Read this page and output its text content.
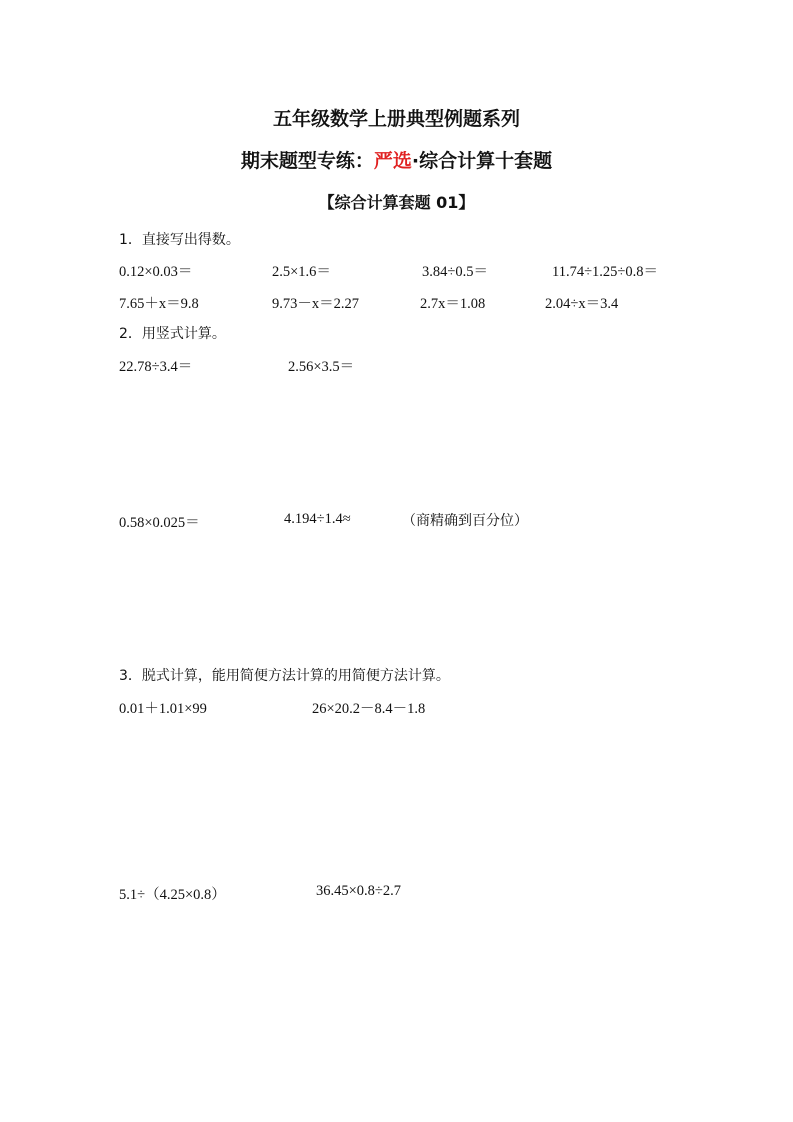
五年级数学上册典型例题系列
期末题型专练：严选·综合计算十套题
【综合计算套题 01】
1．直接写出得数。
0.12×0.03＝	2.5×1.6＝	3.84÷0.5＝	11.74÷1.25÷0.8＝
7.65＋x＝9.8	9.73－x＝2.27	2.7x＝1.08	2.04÷x＝3.4
2．用竖式计算。
22.78÷3.4＝	2.56×3.5＝
0.58×0.025＝	4.194÷1.4≈	（商精确到百分位）
3．脱式计算，能用简便方法计算的用简便方法计算。
0.01＋1.01×99	26×20.2－8.4－1.8
5.1÷（4.25×0.8）	36.45×0.8÷2.7
